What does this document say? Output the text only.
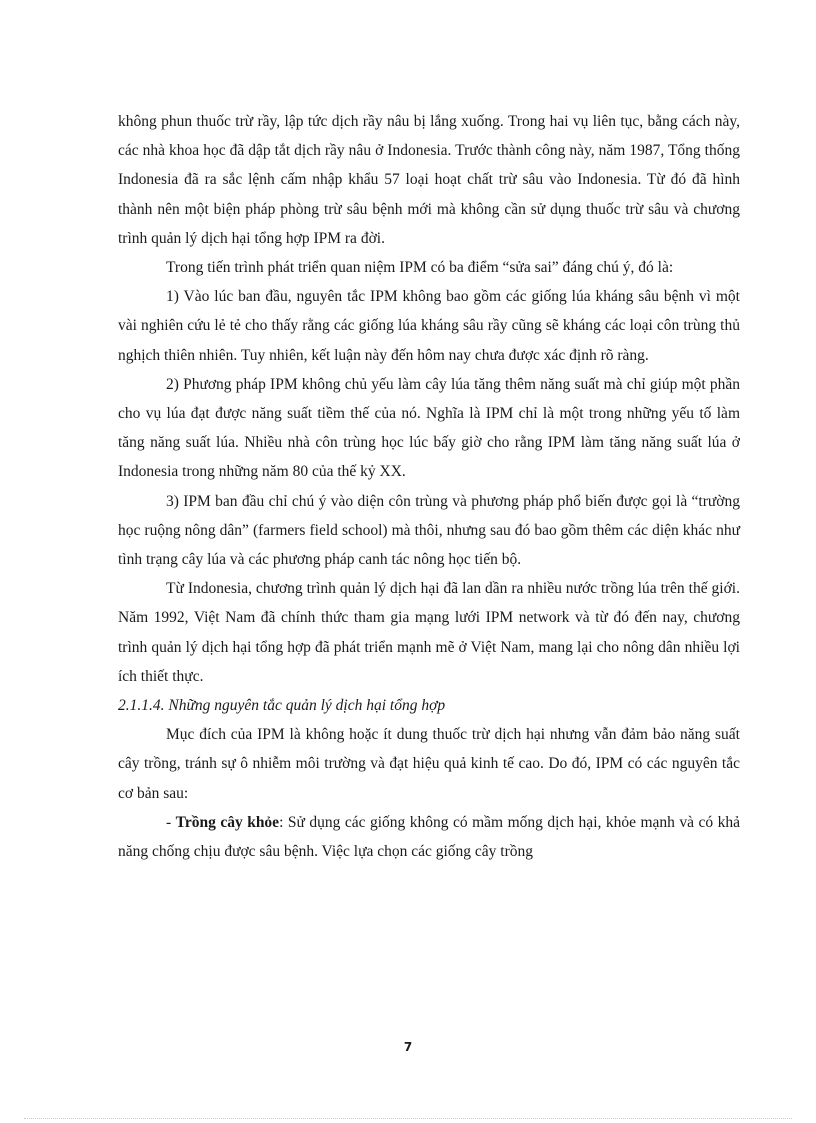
không phun thuốc trừ rầy, lập tức dịch rầy nâu bị lắng xuống. Trong hai vụ liên tục, bằng cách này, các nhà khoa học đã dập tắt dịch rầy nâu ở Indonesia. Trước thành công này, năm 1987, Tổng thống Indonesia đã ra sắc lệnh cấm nhập khẩu 57 loại hoạt chất trừ sâu vào Indonesia. Từ đó đã hình thành nên một biện pháp phòng trừ sâu bệnh mới mà không cần sử dụng thuốc trừ sâu và chương trình quản lý dịch hại tổng hợp IPM ra đời.

Trong tiến trình phát triển quan niệm IPM có ba điểm “sửa sai” đáng chú ý, đó là:

1) Vào lúc ban đầu, nguyên tắc IPM không bao gồm các giống lúa kháng sâu bệnh vì một vài nghiên cứu lẻ tẻ cho thấy rằng các giống lúa kháng sâu rầy cũng sẽ kháng các loại côn trùng thủ nghịch thiên nhiên. Tuy nhiên, kết luận này đến hôm nay chưa được xác định rõ ràng.

2) Phương pháp IPM không chủ yếu làm cây lúa tăng thêm năng suất mà chỉ giúp một phần cho vụ lúa đạt được năng suất tiềm thế của nó. Nghĩa là IPM chỉ là một trong những yếu tố làm tăng năng suất lúa. Nhiều nhà côn trùng học lúc bấy giờ cho rằng IPM làm tăng năng suất lúa ở Indonesia trong những năm 80 của thế kỷ XX.

3) IPM ban đầu chỉ chú ý vào diện côn trùng và phương pháp phổ biến được gọi là “trường học ruộng nông dân” (farmers field school) mà thôi, nhưng sau đó bao gồm thêm các diện khác như tình trạng cây lúa và các phương pháp canh tác nông học tiến bộ.

Từ Indonesia, chương trình quản lý dịch hại đã lan dần ra nhiều nước trồng lúa trên thế giới. Năm 1992, Việt Nam đã chính thức tham gia mạng lưới IPM network và từ đó đến nay, chương trình quản lý dịch hại tổng hợp đã phát triển mạnh mẽ ở Việt Nam, mang lại cho nông dân nhiều lợi ích thiết thực.

2.1.1.4. Những nguyên tắc quản lý dịch hại tổng hợp

Mục đích của IPM là không hoặc ít dung thuốc trừ dịch hại nhưng vẫn đảm bảo năng suất cây trồng, tránh sự ô nhiễm môi trường và đạt hiệu quả kinh tế cao. Do đó, IPM có các nguyên tắc cơ bản sau:

- Trồng cây khỏe: Sử dụng các giống không có mầm mống dịch hại, khỏe mạnh và có khả năng chống chịu được sâu bệnh. Việc lựa chọn các giống cây trồng

7
